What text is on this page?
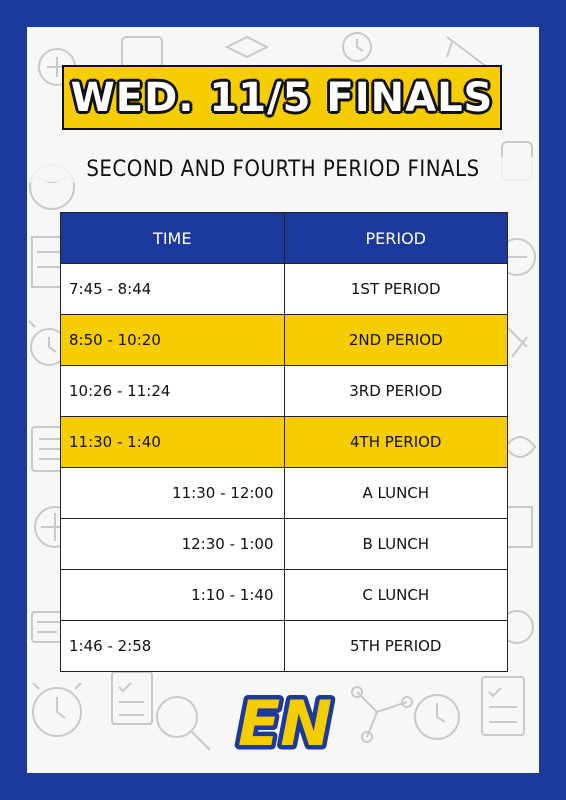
WED. 11/5 FINALS
SECOND AND FOURTH PERIOD FINALS
TIME	PERIOD
7:45 - 8:44	1ST PERIOD
8:50 - 10:20	2ND PERIOD
10:26 - 11:24	3RD PERIOD
11:30 - 1:40	4TH PERIOD
11:30 - 12:00	A LUNCH
12:30 - 1:00	B LUNCH
1:10 - 1:40	C LUNCH
1:46 - 2:58	5TH PERIOD
EN
